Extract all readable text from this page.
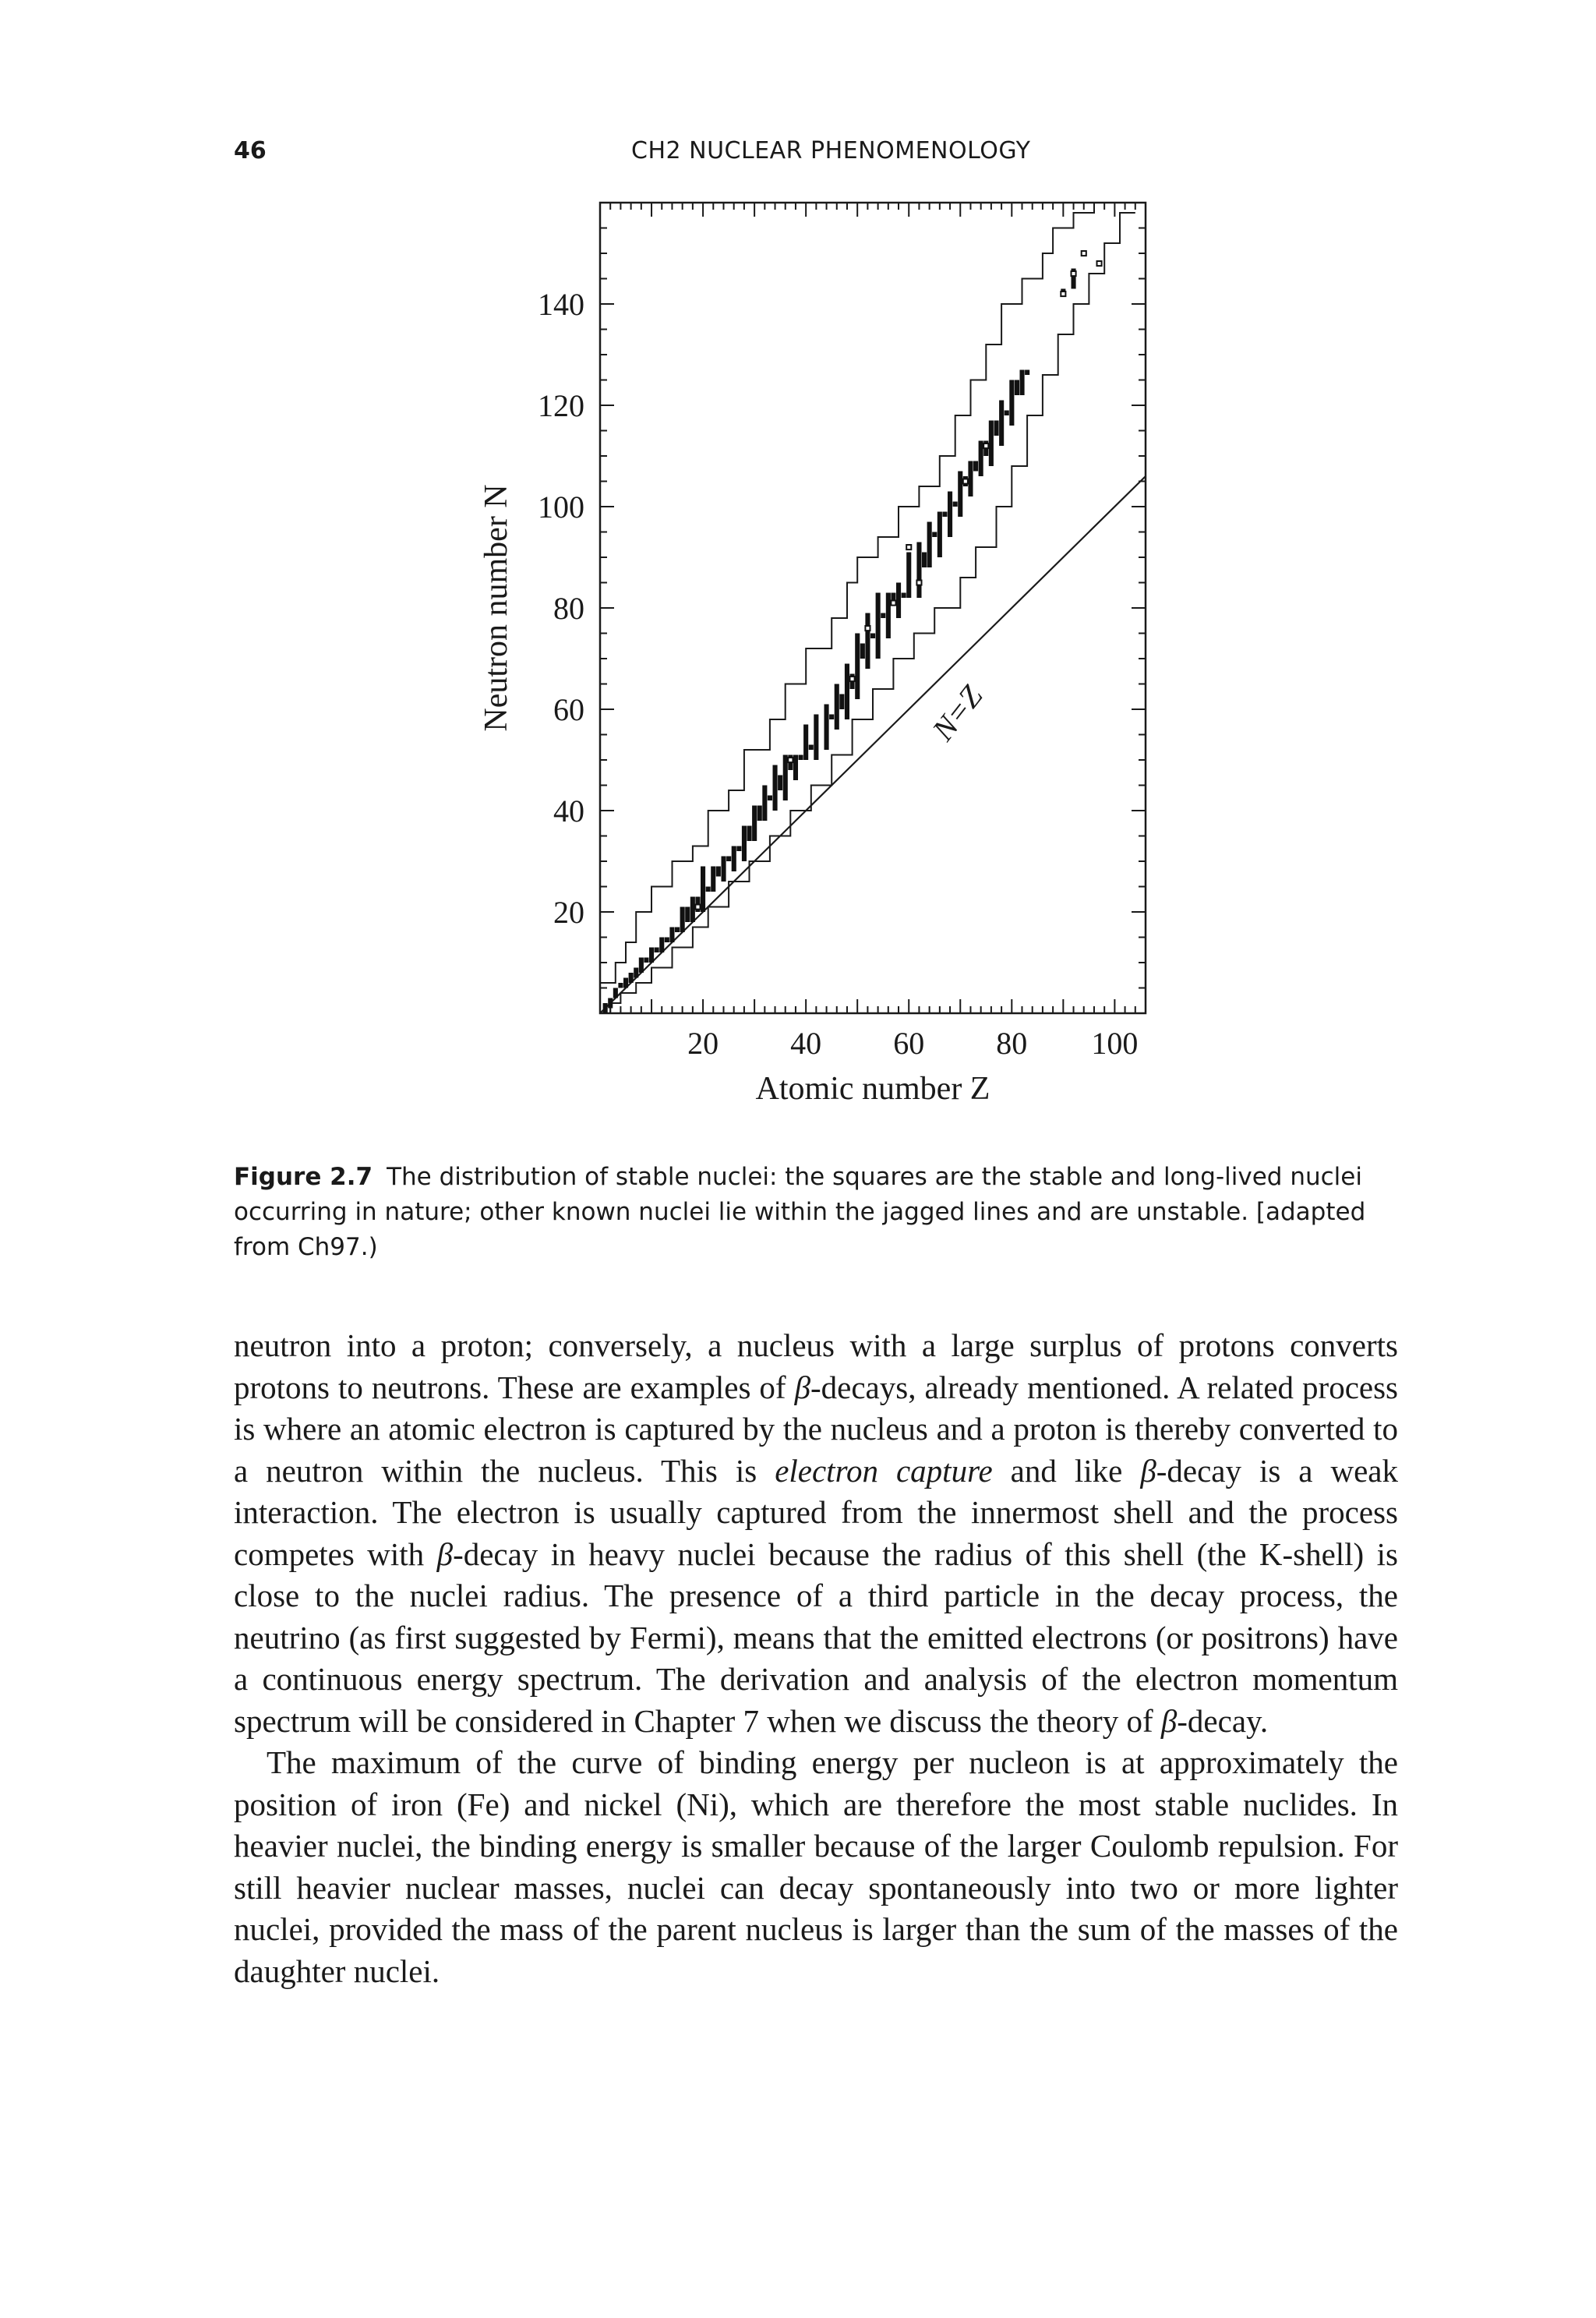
46	CH2 NUCLEAR PHENOMENOLOGY
20 40 60 80 100
20
40
60
80
100
120
140
Atomic number Z
Neutron number N	N=Z
Figure 2.7 The distribution of stable nuclei: the squares are the stable and long-lived nuclei occurring in nature; other known nuclei lie within the jagged lines and are unstable. [adapted from Ch97.)

neutron into a proton; conversely, a nucleus with a large surplus of protons converts protons to neutrons. These are examples of β-decays, already mentioned. A related process is where an atomic electron is captured by the nucleus and a proton is thereby converted to a neutron within the nucleus. This is electron capture and like β-decay is a weak interaction. The electron is usually captured from the innermost shell and the process competes with β-decay in heavy nuclei because the radius of this shell (the K-shell) is close to the nuclei radius. The presence of a third particle in the decay process, the neutrino (as first suggested by Fermi), means that the emitted electrons (or positrons) have a continuous energy spectrum. The derivation and analysis of the electron momentum spectrum will be considered in Chapter 7 when we discuss the theory of β-decay.

The maximum of the curve of binding energy per nucleon is at approximately the position of iron (Fe) and nickel (Ni), which are therefore the most stable nuclides. In heavier nuclei, the binding energy is smaller because of the larger Coulomb repulsion. For still heavier nuclear masses, nuclei can decay spontaneously into two or more lighter nuclei, provided the mass of the parent nucleus is larger than the sum of the masses of the daughter nuclei.
